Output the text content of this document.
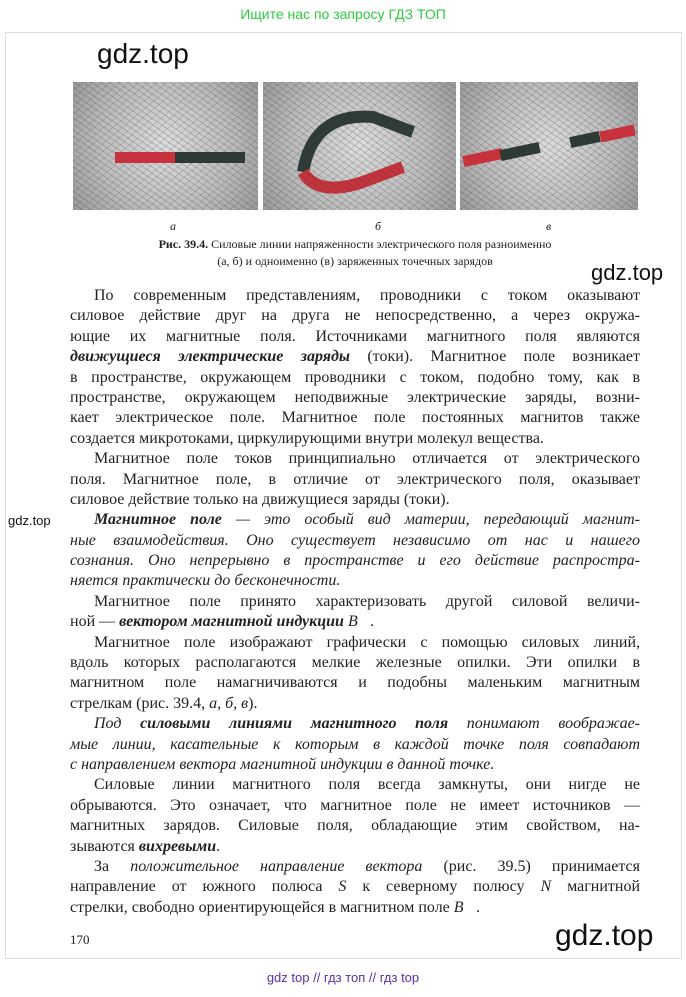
Ищите нас по запросу ГДЗ ТОП
а	б	в
Рис. 39.4. Силовые линии напряженности электрического поля разноименно
(а, б) и одноименно (в) заряженных точечных зарядов
gdz.top
gdz.top
gdz.top
gdz.top
По современным представлениям, проводники с током оказывают
силовое действие друг на друга не непосредственно, а через окружа-
ющие их магнитные поля. Источниками магнитного поля являются
движущиеся электрические заряды (токи). Магнитное поле возникает
в пространстве, окружающем проводники с током, подобно тому, как в
пространстве, окружающем неподвижные электрические заряды, возни-
кает электрическое поле. Магнитное поле постоянных магнитов также
создается микротоками, циркулирующими внутри молекул вещества.
Магнитное поле токов принципиально отличается от электрического
поля. Магнитное поле, в отличие от электрического поля, оказывает
силовое действие только на движущиеся заряды (токи).
Магнитное поле — это особый вид материи, передающий магнит-
ные взаимодействия. Оно существует независимо от нас и нашего
сознания. Оно непрерывно в пространстве и его действие распростра-
няется практически до бесконечности.
Магнитное поле принято характеризовать другой силовой величи-
ной — вектором магнитной индукции B⃗.
Магнитное поле изображают графически с помощью силовых линий,
вдоль которых располагаются мелкие железные опилки. Эти опилки в
магнитном поле намагничиваются и подобны маленьким магнитным
стрелкам (рис. 39.4, а, б, в).
Под силовыми линиями магнитного поля понимают воображае-
мые линии, касательные к которым в каждой точке поля совпадают
с направлением вектора магнитной индукции в данной точке.
Силовые линии магнитного поля всегда замкнуты, они нигде не
обрываются. Это означает, что магнитное поле не имеет источников —
магнитных зарядов. Силовые поля, обладающие этим свойством, на-
зываются вихревыми.
За положительное направление вектора (рис. 39.5) принимается
направление от южного полюса S к северному полюсу N магнитной
стрелки, свободно ориентирующейся в магнитном поле B⃗.
170
gdz top // гдз топ // гдз top
